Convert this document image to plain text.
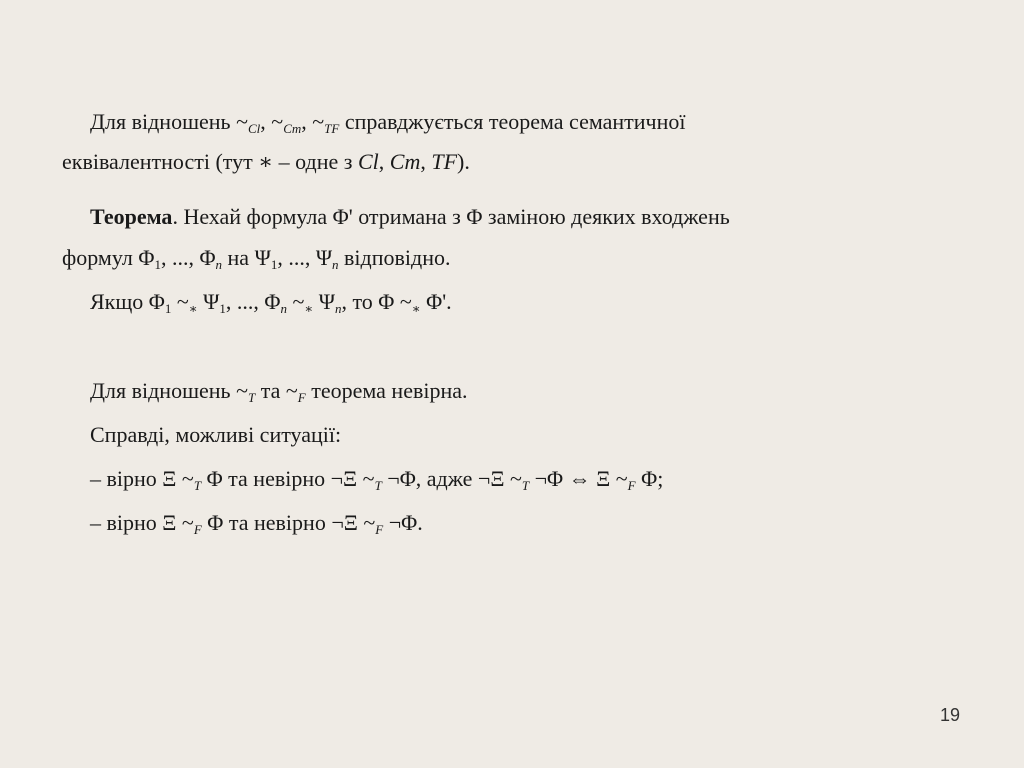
Для відношень $\sim_{Cl}$, $\sim_{Cm}$, $\sim_{TF}$ справджується теорема семантичної
еквівалентності (тут ∗ – одне з Cl, Cm, TF).
Теорема. Нехай формула Φ' отримана з Φ заміною деяких входжень
формул $\Phi_1$, ..., $\Phi_n$ на $\Psi_1$, ..., $\Psi_n$ відповідно.
Якщо $\Phi_1$ $\sim_∗$ $\Psi_1$, ..., $\Phi_n$ $\sim_∗$ $\Psi_n$, то Φ $\sim_∗$ Φ'.
Для відношень $\sim_T$ та $\sim_F$ теорема невірна.
Справді, можливі ситуації:
– вірно Ξ $\sim_T$ Φ та невірно ¬Ξ $\sim_T$ ¬Φ, адже ¬Ξ $\sim_T$ ¬Φ ⇔ Ξ $\sim_F$ Φ;
– вірно Ξ $\sim_F$ Φ та невірно ¬Ξ $\sim_F$ ¬Φ.
19
